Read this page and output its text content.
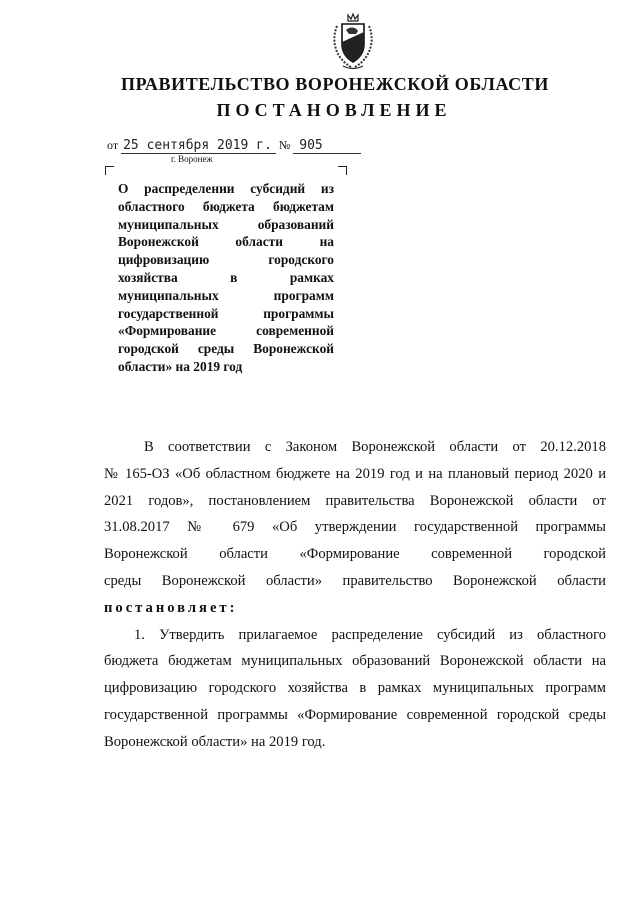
ПРАВИТЕЛЬСТВО ВОРОНЕЖСКОЙ ОБЛАСТИ
ПОСТАНОВЛЕНИЕ
от 25 сентября 2019 г. № 905
г. Воронеж
О распределении субсидий из
областного бюджета бюджетам
муниципальных образований
Воронежской области на
цифровизацию городского
хозяйства в рамках
муниципальных программ
государственной программы
«Формирование современной
городской среды Воронежской
области» на 2019 год
В соответствии с Законом Воронежской области от 20.12.2018
№ 165-ОЗ «Об областном бюджете на 2019 год и на плановый период 2020 и
2021 годов», постановлением правительства Воронежской области от
31.08.2017 № 679 «Об утверждении государственной программы
Воронежской области «Формирование современной городской
среды Воронежской области» правительство Воронежской области
постановляет:
1. Утвердить прилагаемое распределение субсидий из областного
бюджета бюджетам муниципальных образований Воронежской области на
цифровизацию городского хозяйства в рамках муниципальных программ
государственной программы «Формирование современной городской среды
Воронежской области» на 2019 год.
